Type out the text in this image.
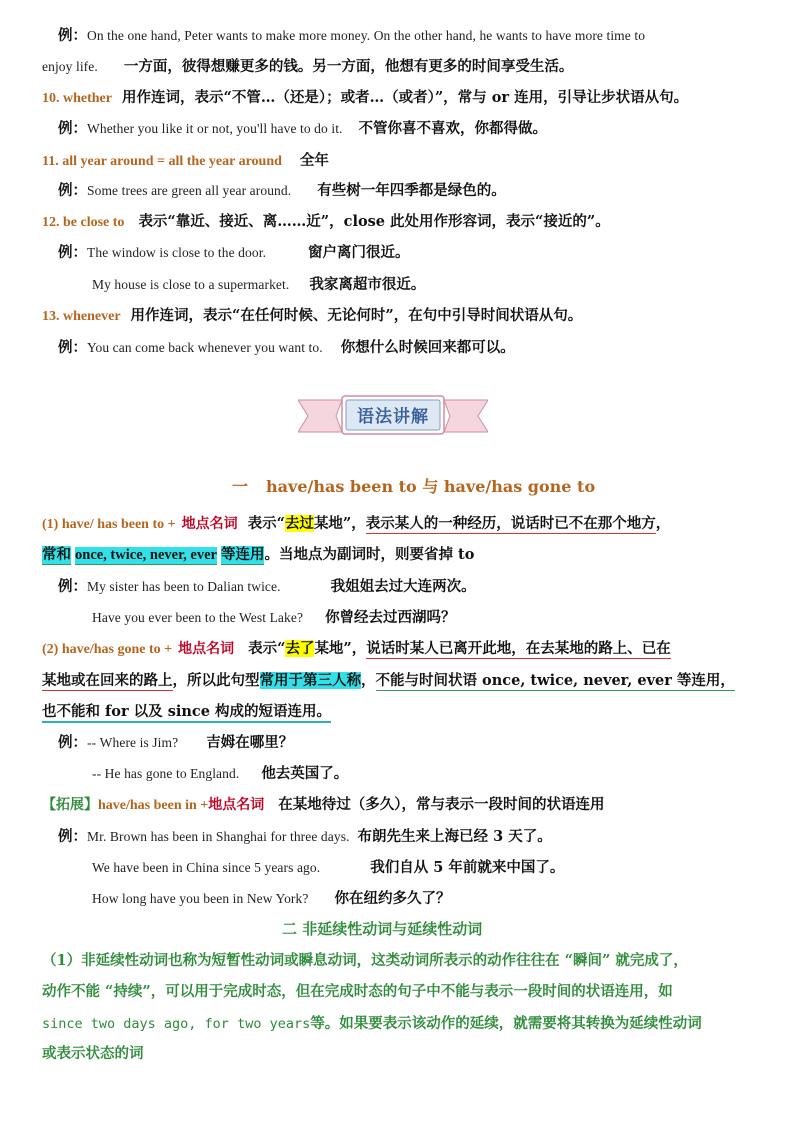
例：On the one hand, Peter wants to make more money. On the other hand, he wants to have more time to
enjoy life. 一方面，彼得想赚更多的钱。另一方面，他想有更多的时间享受生活。
10. whether 用作连词，表示“不管…（还是）；或者…（或者）”，常与 or 连用，引导让步状语从句。
例：Whether you like it or not, you'll have to do it. 不管你喜不喜欢，你都得做。
11. all year around = all the year around 全年
例：Some trees are green all year around. 有些树一年四季都是绿色的。
12. be close to 表示“靠近、接近、离……近”，close 此处用作形容词，表示“接近的”。
例：The window is close to the door.	窗户离门很近。
My house is close to a supermarket. 我家离超市很近。
13. whenever 用作连词，表示“在任何时候、无论何时”，在句中引导时间状语从句。
例：You can come back whenever you want to. 你想什么时候回来都可以。
语法讲解
一 have/has been to 与 have/has gone to
(1) have/ has been to + 地点名词 表示“去过某地”，表示某人的一种经历，说话时已不在那个地方，
常和 once, twice, never, ever 等连用。当地点为副词时，则要省掉 to
例：My sister has been to Dalian twice.	我姐姐去过大连两次。
Have you ever been to the West Lake? 你曾经去过西湖吗？
(2) have/has gone to + 地点名词 表示“去了某地”，说话时某人已离开此地，在去某地的路上、已在
某地或在回来的路上，所以此句型常用于第三人称，不能与时间状语 once, twice, never, ever 等连用，
也不能和 for 以及 since 构成的短语连用。
例：-- Where is Jim? 吉姆在哪里？
-- He has gone to England. 他去英国了。
【拓展】have/has been in +地点名词 在某地待过（多久），常与表示一段时间的状语连用
例：Mr. Brown has been in Shanghai for three days. 布朗先生来上海已经 3 天了。
We have been in China since 5 years ago.	我们自从 5 年前就来中国了。
How long have you been in New York? 你在纽约多久了？
二 非延续性动词与延续性动词
（1）非延续性动词也称为短暂性动词或瞬息动词，这类动词所表示的动作往往在 “瞬间” 就完成了，
动作不能 “持续”，可以用于完成时态，但在完成时态的句子中不能与表示一段时间的状语连用，如
since two days ago, for two years等。如果要表示该动作的延续，就需要将其转换为延续性动词
或表示状态的词
